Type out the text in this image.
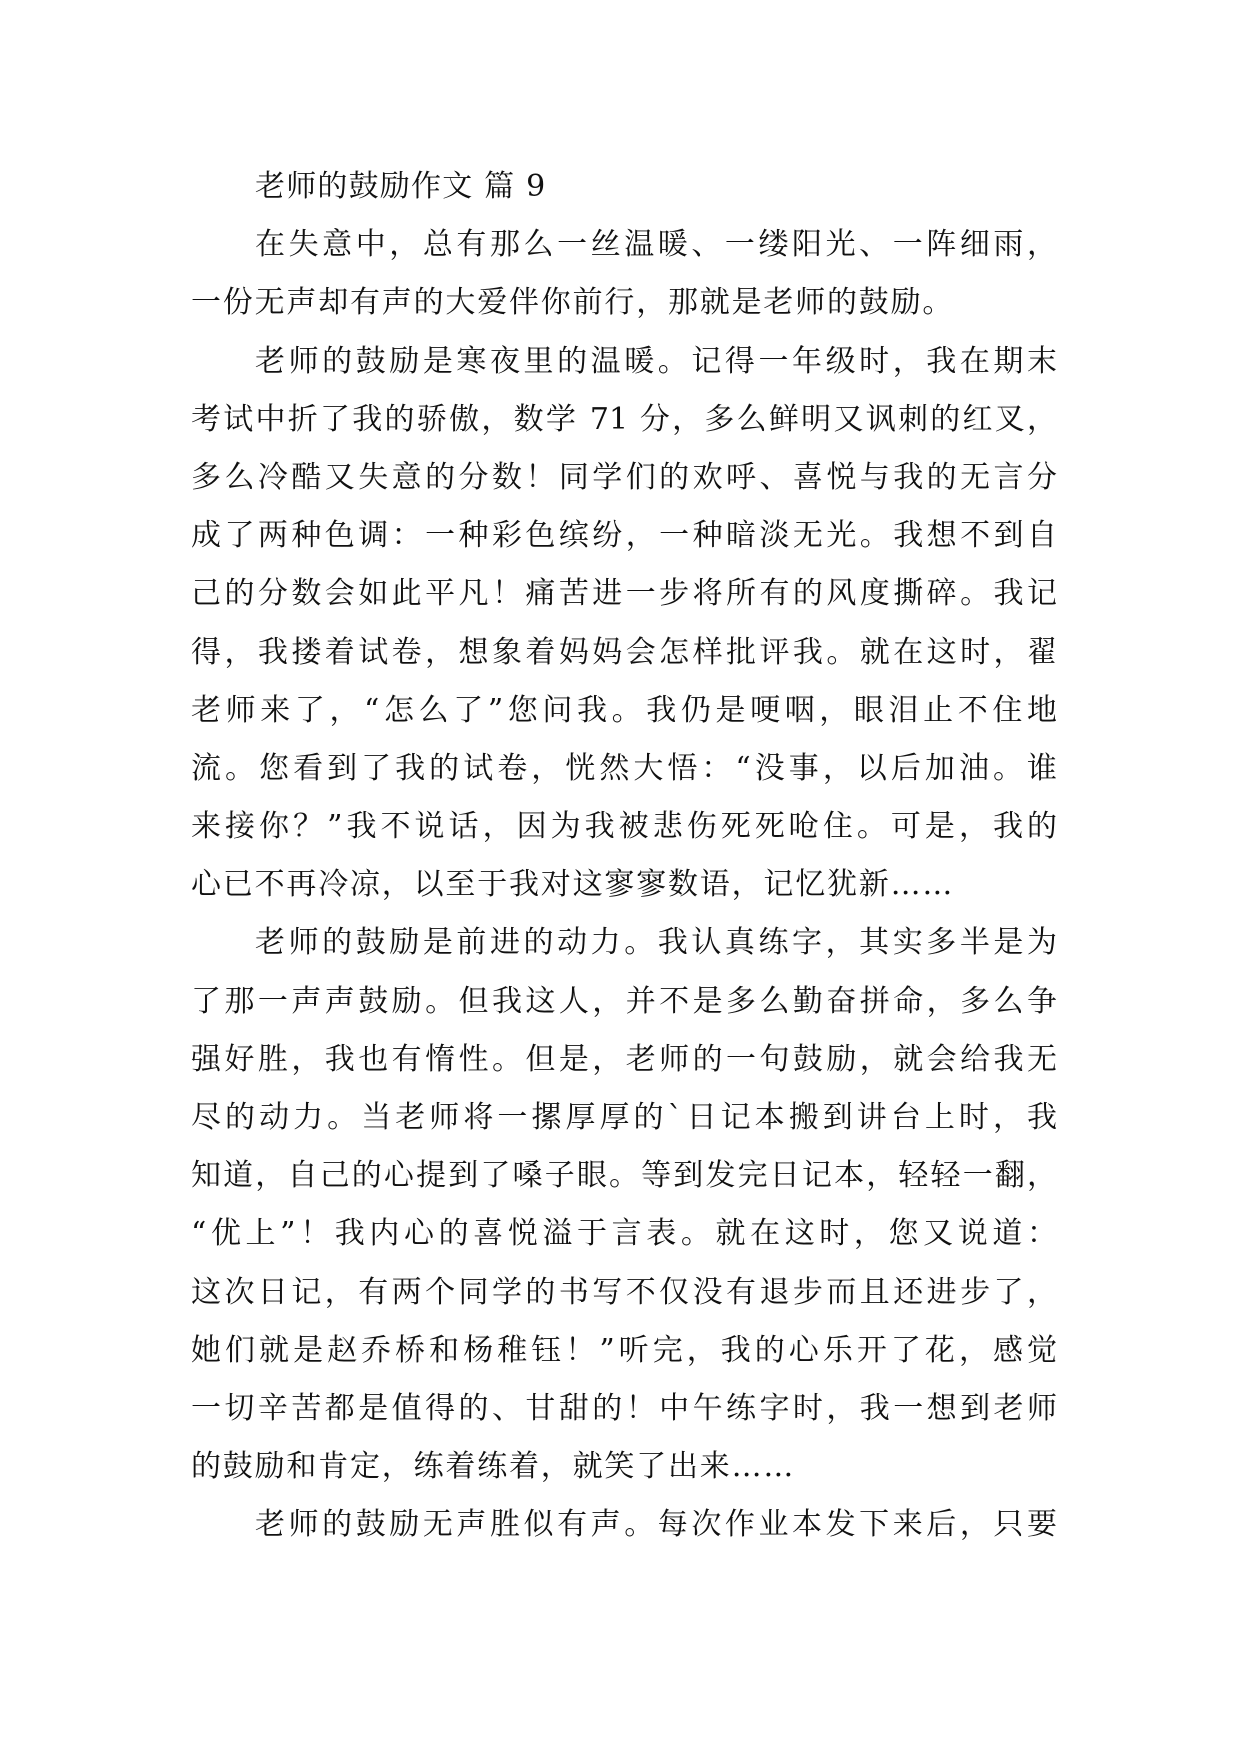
老师的鼓励作文 篇 9
在失意中，总有那么一丝温暖、一缕阳光、一阵细雨，
一份无声却有声的大爱伴你前行，那就是老师的鼓励。
老师的鼓励是寒夜里的温暖。记得一年级时，我在期末
考试中折了我的骄傲，数学 71 分，多么鲜明又讽刺的红叉，
多么冷酷又失意的分数！同学们的欢呼、喜悦与我的无言分
成了两种色调：一种彩色缤纷，一种暗淡无光。我想不到自
己的分数会如此平凡！痛苦进一步将所有的风度撕碎。我记
得，我搂着试卷，想象着妈妈会怎样批评我。就在这时，翟
老师来了，“怎么了”您问我。我仍是哽咽，眼泪止不住地
流。您看到了我的试卷，恍然大悟：“没事，以后加油。谁
来接你？”我不说话，因为我被悲伤死死呛住。可是，我的
心已不再冷凉，以至于我对这寥寥数语，记忆犹新……
老师的鼓励是前进的动力。我认真练字，其实多半是为
了那一声声鼓励。但我这人，并不是多么勤奋拼命，多么争
强好胜，我也有惰性。但是，老师的一句鼓励，就会给我无
尽的动力。当老师将一摞厚厚的`日记本搬到讲台上时，我
知道，自己的心提到了嗓子眼。等到发完日记本，轻轻一翻，
“优上”！我内心的喜悦溢于言表。就在这时，您又说道：
这次日记，有两个同学的书写不仅没有退步而且还进步了，
她们就是赵乔桥和杨稚钰！”听完，我的心乐开了花，感觉
一切辛苦都是值得的、甘甜的！中午练字时，我一想到老师
的鼓励和肯定，练着练着，就笑了出来……
老师的鼓励无声胜似有声。每次作业本发下来后，只要
